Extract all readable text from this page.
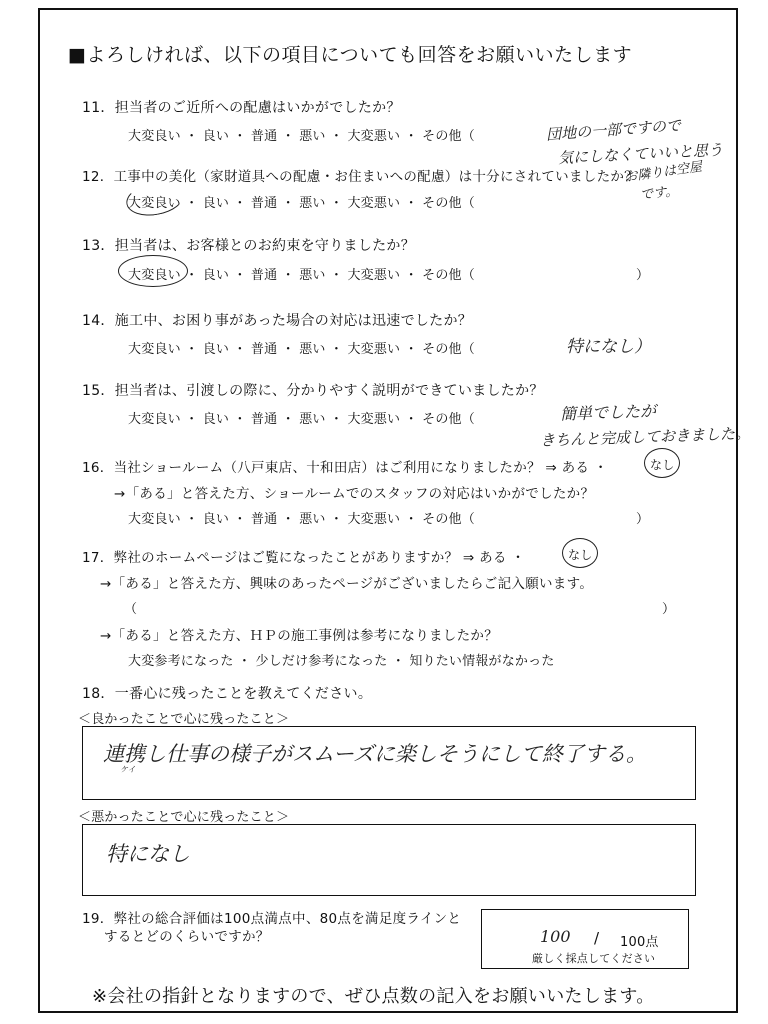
■よろしければ、以下の項目についても回答をお願いいたします
11．担当者のご近所への配慮はいかがでしたか？
大変良い ・ 良い ・ 普通 ・ 悪い ・ 大変悪い ・ その他（	団地の一部ですので
気にしなくていいと思う
お隣りは空屋
です。
12．工事中の美化（家財道具への配慮・お住まいへの配慮）は十分にされていましたか？
大変良い ・ 良い ・ 普通 ・ 悪い ・ 大変悪い ・ その他（
13．担当者は、お客様とのお約束を守りましたか？
大変良い ・ 良い ・ 普通 ・ 悪い ・ 大変悪い ・ その他（	）
14．施工中、お困り事があった場合の対応は迅速でしたか？
大変良い ・ 良い ・ 普通 ・ 悪い ・ 大変悪い ・ その他（	特になし）
15．担当者は、引渡しの際に、分かりやすく説明ができていましたか？
大変良い ・ 良い ・ 普通 ・ 悪い ・ 大変悪い ・ その他（	簡単でしたが
きちんと完成しておきました。
16．当社ショールーム（八戸東店、十和田店）はご利用になりましたか？ ⇒ ある ・	なし
→「ある」と答えた方、ショールームでのスタッフの対応はいかがでしたか？
大変良い ・ 良い ・ 普通 ・ 悪い ・ 大変悪い ・ その他（	）
17．弊社のホームページはご覧になったことがありますか？ ⇒ ある ・	なし
→「ある」と答えた方、興味のあったページがございましたらご記入願います。
（	）
→「ある」と答えた方、ＨＰの施工事例は参考になりましたか？
大変参考になった ・ 少しだけ参考になった ・ 知りたい情報がなかった
18．一番心に残ったことを教えてください。
＜良かったことで心に残ったこと＞
連携し仕事の様子がスムーズに楽しそうにして終了する。
ケイ
＜悪かったことで心に残ったこと＞
特になし
19．弊社の総合評価は100点満点中、80点を満足度ラインと
するとどのくらいですか？	100 / 100点
厳しく採点してください
※会社の指針となりますので、ぜひ点数の記入をお願いいたします。
